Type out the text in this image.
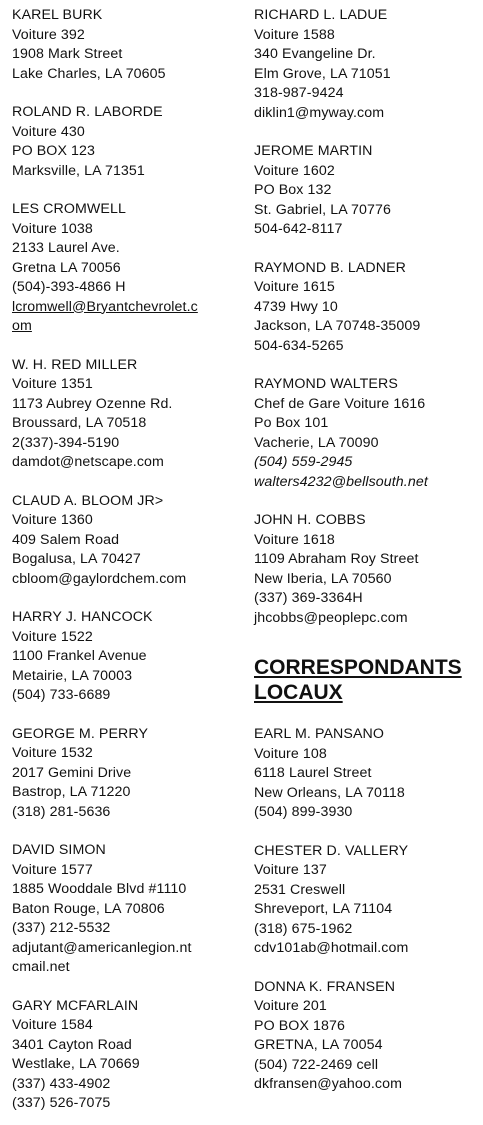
KAREL BURK
Voiture 392
1908 Mark Street
Lake Charles, LA 70605
ROLAND R. LABORDE
Voiture 430
PO BOX 123
Marksville, LA 71351
LES CROMWELL
Voiture 1038
2133 Laurel Ave.
Gretna LA 70056
(504)-393-4866 H
lcromwell@Bryantchevrolet.c
om
W. H. RED MILLER
Voiture 1351
1173 Aubrey Ozenne Rd.
Broussard, LA 70518
2(337)-394-5190
damdot@netscape.com
CLAUD A. BLOOM JR>
Voiture 1360
409 Salem Road
Bogalusa, LA 70427
cbloom@gaylordchem.com
HARRY J. HANCOCK
Voiture 1522
1100 Frankel Avenue
Metairie, LA 70003
(504) 733-6689
GEORGE M. PERRY
Voiture 1532
2017 Gemini Drive
Bastrop, LA 71220
(318) 281-5636
DAVID SIMON
Voiture 1577
1885 Wooddale Blvd #1110
Baton Rouge, LA 70806
(337) 212-5532
adjutant@americanlegion.nt
cmail.net
GARY MCFARLAIN
Voiture 1584
3401 Cayton Road
Westlake, LA 70669
(337) 433-4902
(337) 526-7075
RICHARD L. LADUE
Voiture 1588
340 Evangeline Dr.
Elm Grove, LA 71051
318-987-9424
diklin1@myway.com
JEROME MARTIN
Voiture 1602
PO Box 132
St. Gabriel, LA 70776
504-642-8117
RAYMOND B. LADNER
Voiture 1615
4739 Hwy 10
Jackson, LA 70748-35009
504-634-5265
RAYMOND WALTERS
Chef de Gare Voiture 1616
Po Box 101
Vacherie, LA 70090
(504) 559-2945
walters4232@bellsouth.net
JOHN H. COBBS
Voiture 1618
1109 Abraham Roy Street
New Iberia, LA 70560
(337) 369-3364H
jhcobbs@peoplepc.com
CORRESPONDANTS
LOCAUX
EARL M. PANSANO
Voiture 108
6118 Laurel Street
New Orleans, LA 70118
(504) 899-3930
CHESTER D. VALLERY
Voiture 137
2531 Creswell
Shreveport, LA 71104
(318) 675-1962
cdv101ab@hotmail.com
DONNA K. FRANSEN
Voiture 201
PO BOX 1876
GRETNA, LA 70054
(504) 722-2469 cell
dkfransen@yahoo.com
